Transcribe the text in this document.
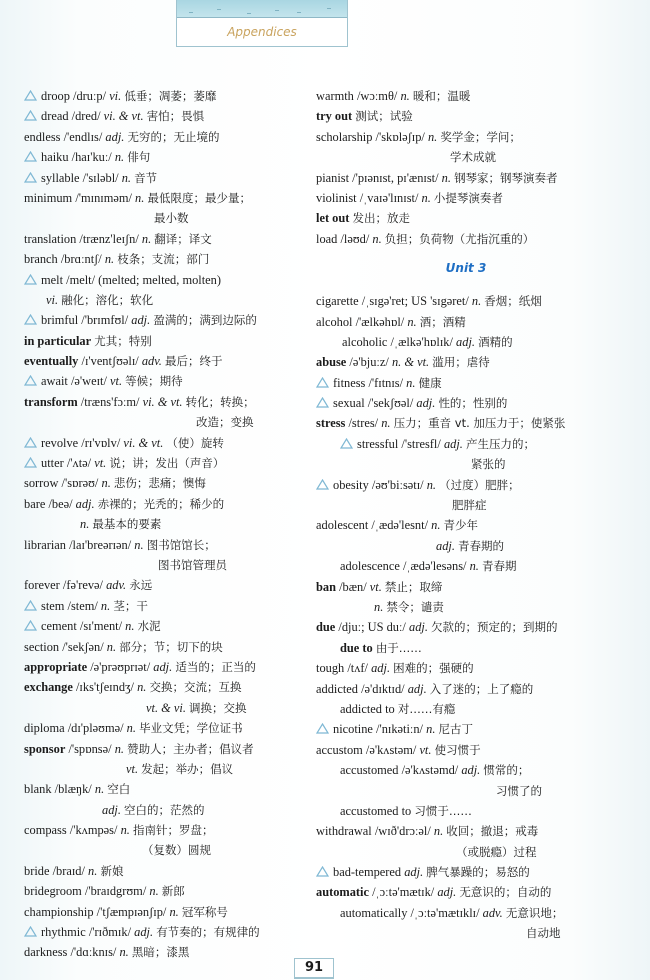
Appendices
droop /druːp/ vi. 低垂；凋萎；萎靡
dread /dred/ vi. & vt. 害怕；畏惧
endless /'endlɪs/ adj. 无穷的；无止境的
haiku /haɪ'kuː/ n. 俳句
syllable /'sɪləbl/ n. 音节
minimum /'mɪnɪməm/ n. 最低限度；最少量；
最小数
translation /trænz'leɪʃn/ n. 翻译；译文
branch /brɑːntʃ/ n. 枝条；支流；部门
melt /melt/ (melted; melted, molten)
vi. 融化；溶化；软化
brimful /'brɪmfʊl/ adj. 盈满的；满到边际的
in particular 尤其；特别
eventually /ɪ'ventʃʊəlɪ/ adv. 最后；终于
await /ə'weɪt/ vt. 等候；期待
transform /træns'fɔːm/ vi. & vt. 转化；转换；
改造；变换
revolve /rɪ'vɒlv/ vi. & vt. （使）旋转
utter /'ʌtə/ vt. 说；讲；发出（声音）
sorrow /'sɒrəʊ/ n. 悲伤；悲痛；懊悔
bare /beə/ adj. 赤裸的；光秃的；稀少的
n. 最基本的要素
librarian /laɪ'breərɪən/ n. 图书馆馆长；
图书馆管理员
forever /fə'revə/ adv. 永远
stem /stem/ n. 茎；干
cement /sɪ'ment/ n. 水泥
section /'sekʃən/ n. 部分；节；切下的块
appropriate /ə'prəʊprɪət/ adj. 适当的；正当的
exchange /ɪks'tʃeɪndʒ/ n. 交换；交流；互换
vt. & vi. 调换；交换
diploma /dɪ'pləʊmə/ n. 毕业文凭；学位证书
sponsor /'spɒnsə/ n. 赞助人；主办者；倡议者
vt. 发起；举办；倡议
blank /blæŋk/ n. 空白
adj. 空白的；茫然的
compass /'kʌmpəs/ n. 指南针；罗盘；
（复数）圆规
bride /braɪd/ n. 新娘
bridegroom /'braɪdgrʊm/ n. 新郎
championship /'tʃæmpɪənʃɪp/ n. 冠军称号
rhythmic /'rɪðmɪk/ adj. 有节奏的；有规律的
darkness /'dɑːknɪs/ n. 黑暗；漆黑
warmth /wɔːmθ/ n. 暖和；温暖
try out 测试；试验
scholarship /'skɒləʃɪp/ n. 奖学金；学问；
学术成就
pianist /'pɪənɪst, pɪ'ænɪst/ n. 钢琴家；钢琴演奏者
violinist /ˌvaɪə'lɪnɪst/ n. 小提琴演奏者
let out 发出；放走
load /ləʊd/ n. 负担；负荷物（尤指沉重的）
Unit 3
cigarette /ˌsɪgə'ret; US 'sɪgəret/ n. 香烟；纸烟
alcohol /'ælkəhɒl/ n. 酒；酒精
alcoholic /ˌælkə'hɒlɪk/ adj. 酒精的
abuse /ə'bjuːz/ n. & vt. 滥用；虐待
fitness /'fɪtnɪs/ n. 健康
sexual /'sekʃʊəl/ adj. 性的；性别的
stress /stres/ n. 压力；重音 vt. 加压力于；使紧张
stressful /'stresfl/ adj. 产生压力的；
紧张的
obesity /əʊ'biːsətɪ/ n. （过度）肥胖；
肥胖症
adolescent /ˌædə'lesnt/ n. 青少年
adj. 青春期的
adolescence /ˌædə'lesəns/ n. 青春期
ban /bæn/ vt. 禁止；取缔
n. 禁令；谴责
due /djuː; US duː/ adj. 欠款的；预定的；到期的
due to 由于……
tough /tʌf/ adj. 困难的；强硬的
addicted /ə'dɪktɪd/ adj. 入了迷的；上了瘾的
addicted to 对……有瘾
nicotine /'nɪkətiːn/ n. 尼古丁
accustom /ə'kʌstəm/ vt. 使习惯于
accustomed /ə'kʌstəmd/ adj. 惯常的；
习惯了的
accustomed to 习惯于……
withdrawal /wɪð'drɔːəl/ n. 收回；撤退；戒毒
（或脱瘾）过程
bad-tempered adj. 脾气暴躁的；易怒的
automatic /ˌɔːtə'mætɪk/ adj. 无意识的；自动的
automatically /ˌɔːtə'mætɪklɪ/ adv. 无意识地；
自动地
91
